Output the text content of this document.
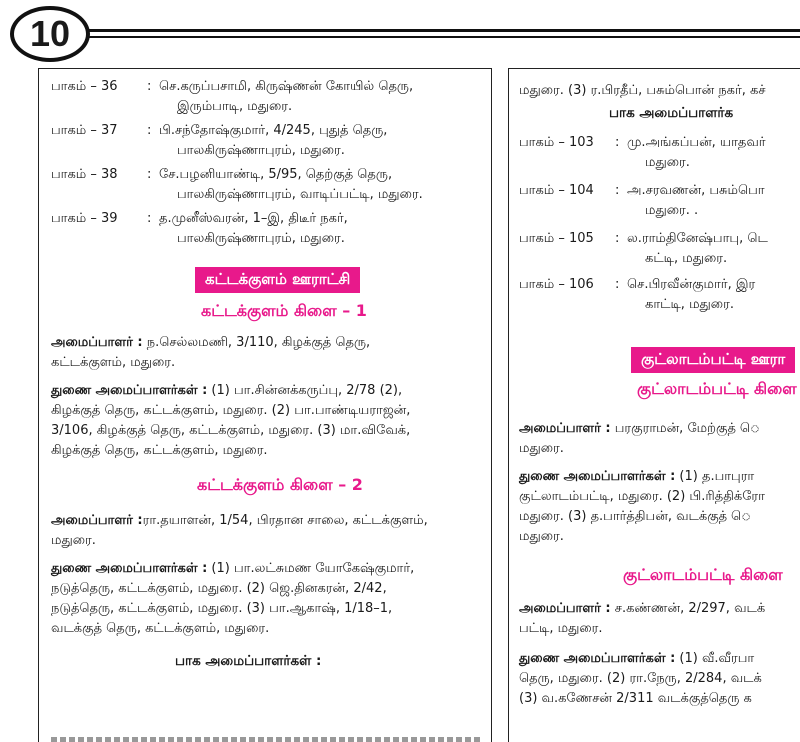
10
பாகம் – 36	: செ.கருப்பசாமி, கிருஷ்ணன் கோயில் தெரு,
இரும்பாடி, மதுரை.
பாகம் – 37	: பி.சந்தோஷ்குமார், 4/245, புதுத் தெரு,
பாலகிருஷ்ணாபுரம், மதுரை.
பாகம் – 38	: சே.பழனியாண்டி, 5/95, தெற்குத் தெரு,
பாலகிருஷ்ணாபுரம், வாடிப்பட்டி, மதுரை.
பாகம் – 39	: த.முனீஸ்வரன், 1–இ, திடீர் நகர்,
பாலகிருஷ்ணாபுரம், மதுரை.
கட்டக்குளம் ஊராட்சி
கட்டக்குளம் கிளை – 1
அமைப்பாளர் : ந.செல்லமணி, 3/110, கிழக்குத் தெரு,
கட்டக்குளம், மதுரை.
துணை அமைப்பாளர்கள் : (1) பா.சின்னக்கருப்பு, 2/78 (2),
கிழக்குத் தெரு, கட்டக்குளம், மதுரை. (2) பா.பாண்டியராஜன்,
3/106, கிழக்குத் தெரு, கட்டக்குளம், மதுரை. (3) மா.விவேக்,
கிழக்குத் தெரு, கட்டக்குளம், மதுரை.
கட்டக்குளம் கிளை – 2
அமைப்பாளர் :ரா.தயாளன், 1/54, பிரதான சாலை, கட்டக்குளம்,
மதுரை.
துணை அமைப்பாளர்கள் : (1) பா.லட்சுமண யோகேஷ்குமார்,
நடுத்தெரு, கட்டக்குளம், மதுரை. (2) ஜெ.தினகரன், 2/42,
நடுத்தெரு, கட்டக்குளம், மதுரை. (3) பா.ஆகாஷ், 1/18–1,
வடக்குத் தெரு, கட்டக்குளம், மதுரை.
பாக அமைப்பாளர்கள் :
மதுரை. (3) ர.பிரதீப், பசும்பொன் நகர், கச்
பாக அமைப்பாளர்க
பாகம் – 103	: மு.அங்கப்பன், யாதவர்
மதுரை.
பாகம் – 104	: அ.சரவணன், பசும்பொ
மதுரை. .
பாகம் – 105	: ல.ராம்தினேஷ்பாபு, டெ
கட்டி, மதுரை.
பாகம் – 106	: செ.பிரவீன்குமார், இர
காட்டி, மதுரை.
குட்லாடம்பட்டி ஊரா
குட்லாடம்பட்டி கிளை
அமைப்பாளர் : பரகுராமன், மேற்குத் ெ
மதுரை.
துணை அமைப்பாளர்கள் : (1) த.பாபுரா
குட்லாடம்பட்டி, மதுரை. (2) பி.ரித்திக்ரோ
மதுரை. (3) த.பார்த்திபன், வடக்குத் ெ
மதுரை.
குட்லாடம்பட்டி கிளை
அமைப்பாளர் : ச.கண்ணன், 2/297, வடக்
பட்டி, மதுரை.
துணை அமைப்பாளர்கள் : (1) வீ.வீரபா
தெரு, மதுரை. (2) ரா.நேரு, 2/284, வடக்
(3) வ.கணேசன் 2/311 வடக்குத்தெரு க
